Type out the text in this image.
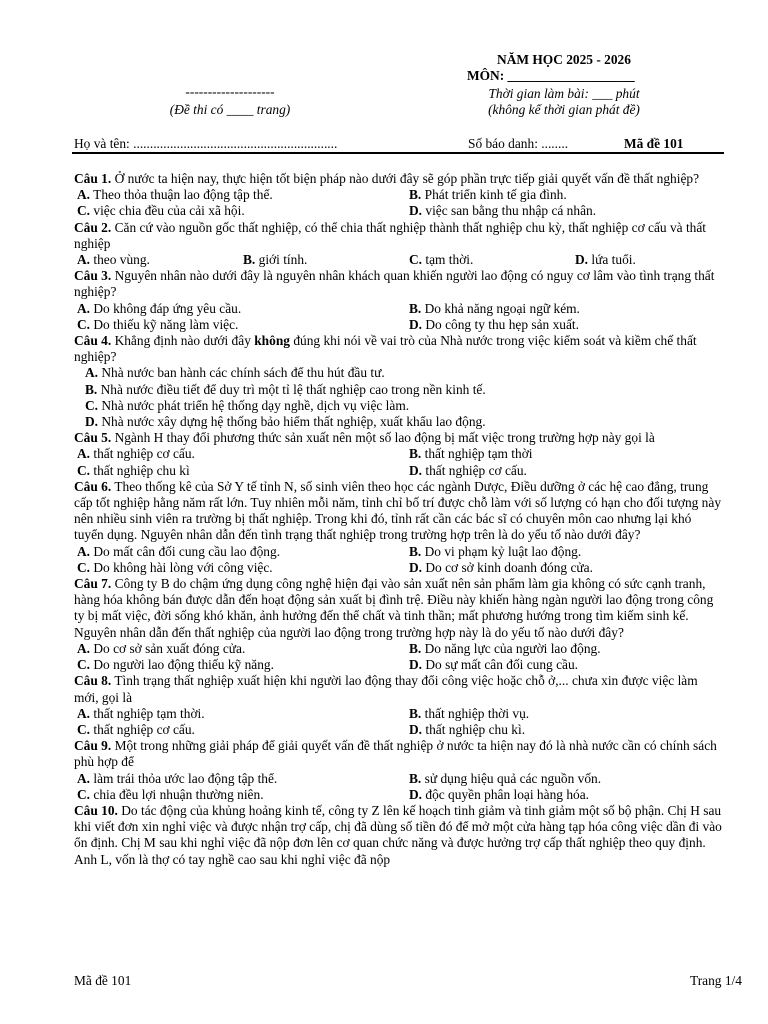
NĂM HỌC 2025 - 2026
MÔN: ___________________
--------------------	Thời gian làm bài: ___ phút
(Đề thi có ____ trang)	(không kể thời gian phát đề)
Họ và tên: .............................................................	Số báo danh: ........	Mã đề 101
Câu 1. Ở nước ta hiện nay, thực hiện tốt biện pháp nào dưới đây sẽ góp phần trực tiếp giải quyết vấn đề thất nghiệp?
A. Theo thỏa thuận lao động tập thể.	B. Phát triển kinh tế gia đình.
C. việc chia đều của cải xã hội.	D. việc san bằng thu nhập cá nhân.
Câu 2. Căn cứ vào nguồn gốc thất nghiệp, có thể chia thất nghiệp thành thất nghiệp chu kỳ, thất nghiệp cơ cấu và thất nghiệp
A. theo vùng.	B. giới tính.	C. tạm thời.	D. lứa tuổi.
Câu 3. Nguyên nhân nào dưới đây là nguyên nhân khách quan khiến người lao động có nguy cơ lâm vào tình trạng thất nghiệp?
A. Do không đáp ứng yêu cầu.	B. Do khả năng ngoại ngữ kém.
C. Do thiếu kỹ năng làm việc.	D. Do công ty thu hẹp sản xuất.
Câu 4. Khẳng định nào dưới đây không đúng khi nói về vai trò của Nhà nước trong việc kiểm soát và kiềm chế thất nghiệp?
A. Nhà nước ban hành các chính sách để thu hút đầu tư.
B. Nhà nước điều tiết để duy trì một tỉ lệ thất nghiệp cao trong nền kinh tế.
C. Nhà nước phát triển hệ thống dạy nghề, dịch vụ việc làm.
D. Nhà nước xây dựng hệ thống bảo hiểm thất nghiệp, xuất khẩu lao động.
Câu 5. Ngành H thay đổi phương thức sản xuất nên một số lao động bị mất việc trong trường hợp này gọi là
A. thất nghiệp cơ cấu.	B. thất nghiệp tạm thời
C. thất nghiệp chu kì	D. thất nghiệp cơ cấu.
Câu 6. Theo thống kê của Sở Y tế tỉnh N, số sinh viên theo học các ngành Dược, Điều dưỡng ở các hệ cao đẳng, trung cấp tốt nghiệp hằng năm rất lớn. Tuy nhiên mỗi năm, tỉnh chỉ bố trí được chỗ làm với số lượng có hạn cho đối tượng này nên nhiều sinh viên ra trường bị thất nghiệp. Trong khi đó, tỉnh rất cần các bác sĩ có chuyên môn cao nhưng lại khó tuyển dụng. Nguyên nhân dẫn đến tình trạng thất nghiệp trong trường hợp trên là do yếu tố nào dưới đây?
A. Do mất cân đối cung cầu lao động.	B. Do vi phạm kỷ luật lao động.
C. Do không hài lòng với công việc.	D. Do cơ sở kinh doanh đóng cửa.
Câu 7. Công ty B do chậm ứng dụng công nghệ hiện đại vào sản xuất nên sản phẩm làm gia không có sức cạnh tranh, hàng hóa không bán được dẫn đến hoạt động sản xuất bị đình trệ. Điều này khiến hàng ngàn người lao động trong công ty bị mất việc, đời sống khó khăn, ảnh hưởng đến thể chất và tinh thần; mất phương hướng trong tìm kiếm sinh kế. Nguyên nhân dẫn đến thất nghiệp của người lao động trong trường hợp này là do yếu tố nào dưới đây?
A. Do cơ sở sản xuất đóng cửa.	B. Do năng lực của người lao động.
C. Do người lao động thiếu kỹ năng.	D. Do sự mất cân đối cung cầu.
Câu 8. Tình trạng thất nghiệp xuất hiện khi người lao động thay đổi công việc hoặc chỗ ở,... chưa xin được việc làm mới, gọi là
A. thất nghiệp tạm thời.	B. thất nghiệp thời vụ.
C. thất nghiệp cơ cấu.	D. thất nghiệp chu kì.
Câu 9. Một trong những giải pháp để giải quyết vấn đề thất nghiệp ở nước ta hiện nay đó là nhà nước cần có chính sách phù hợp để
A. làm trái thỏa ước lao động tập thể.	B. sử dụng hiệu quả các nguồn vốn.
C. chia đều lợi nhuận thường niên.	D. độc quyền phân loại hàng hóa.
Câu 10. Do tác động của khủng hoảng kinh tế, công ty Z lên kế hoạch tinh giảm và tinh giảm một số bộ phận. Chị H sau khi viết đơn xin nghỉ việc và được nhận trợ cấp, chị đã dùng số tiền đó để mở một cửa hàng tạp hóa công việc dần đi vào ổn định. Chị M sau khi nghỉ việc đã nộp đơn lên cơ quan chức năng và được hưởng trợ cấp thất nghiệp theo quy định. Anh L, vốn là thợ có tay nghề cao sau khi nghỉ việc đã nộp
Mã đề 101	Trang 1/4
